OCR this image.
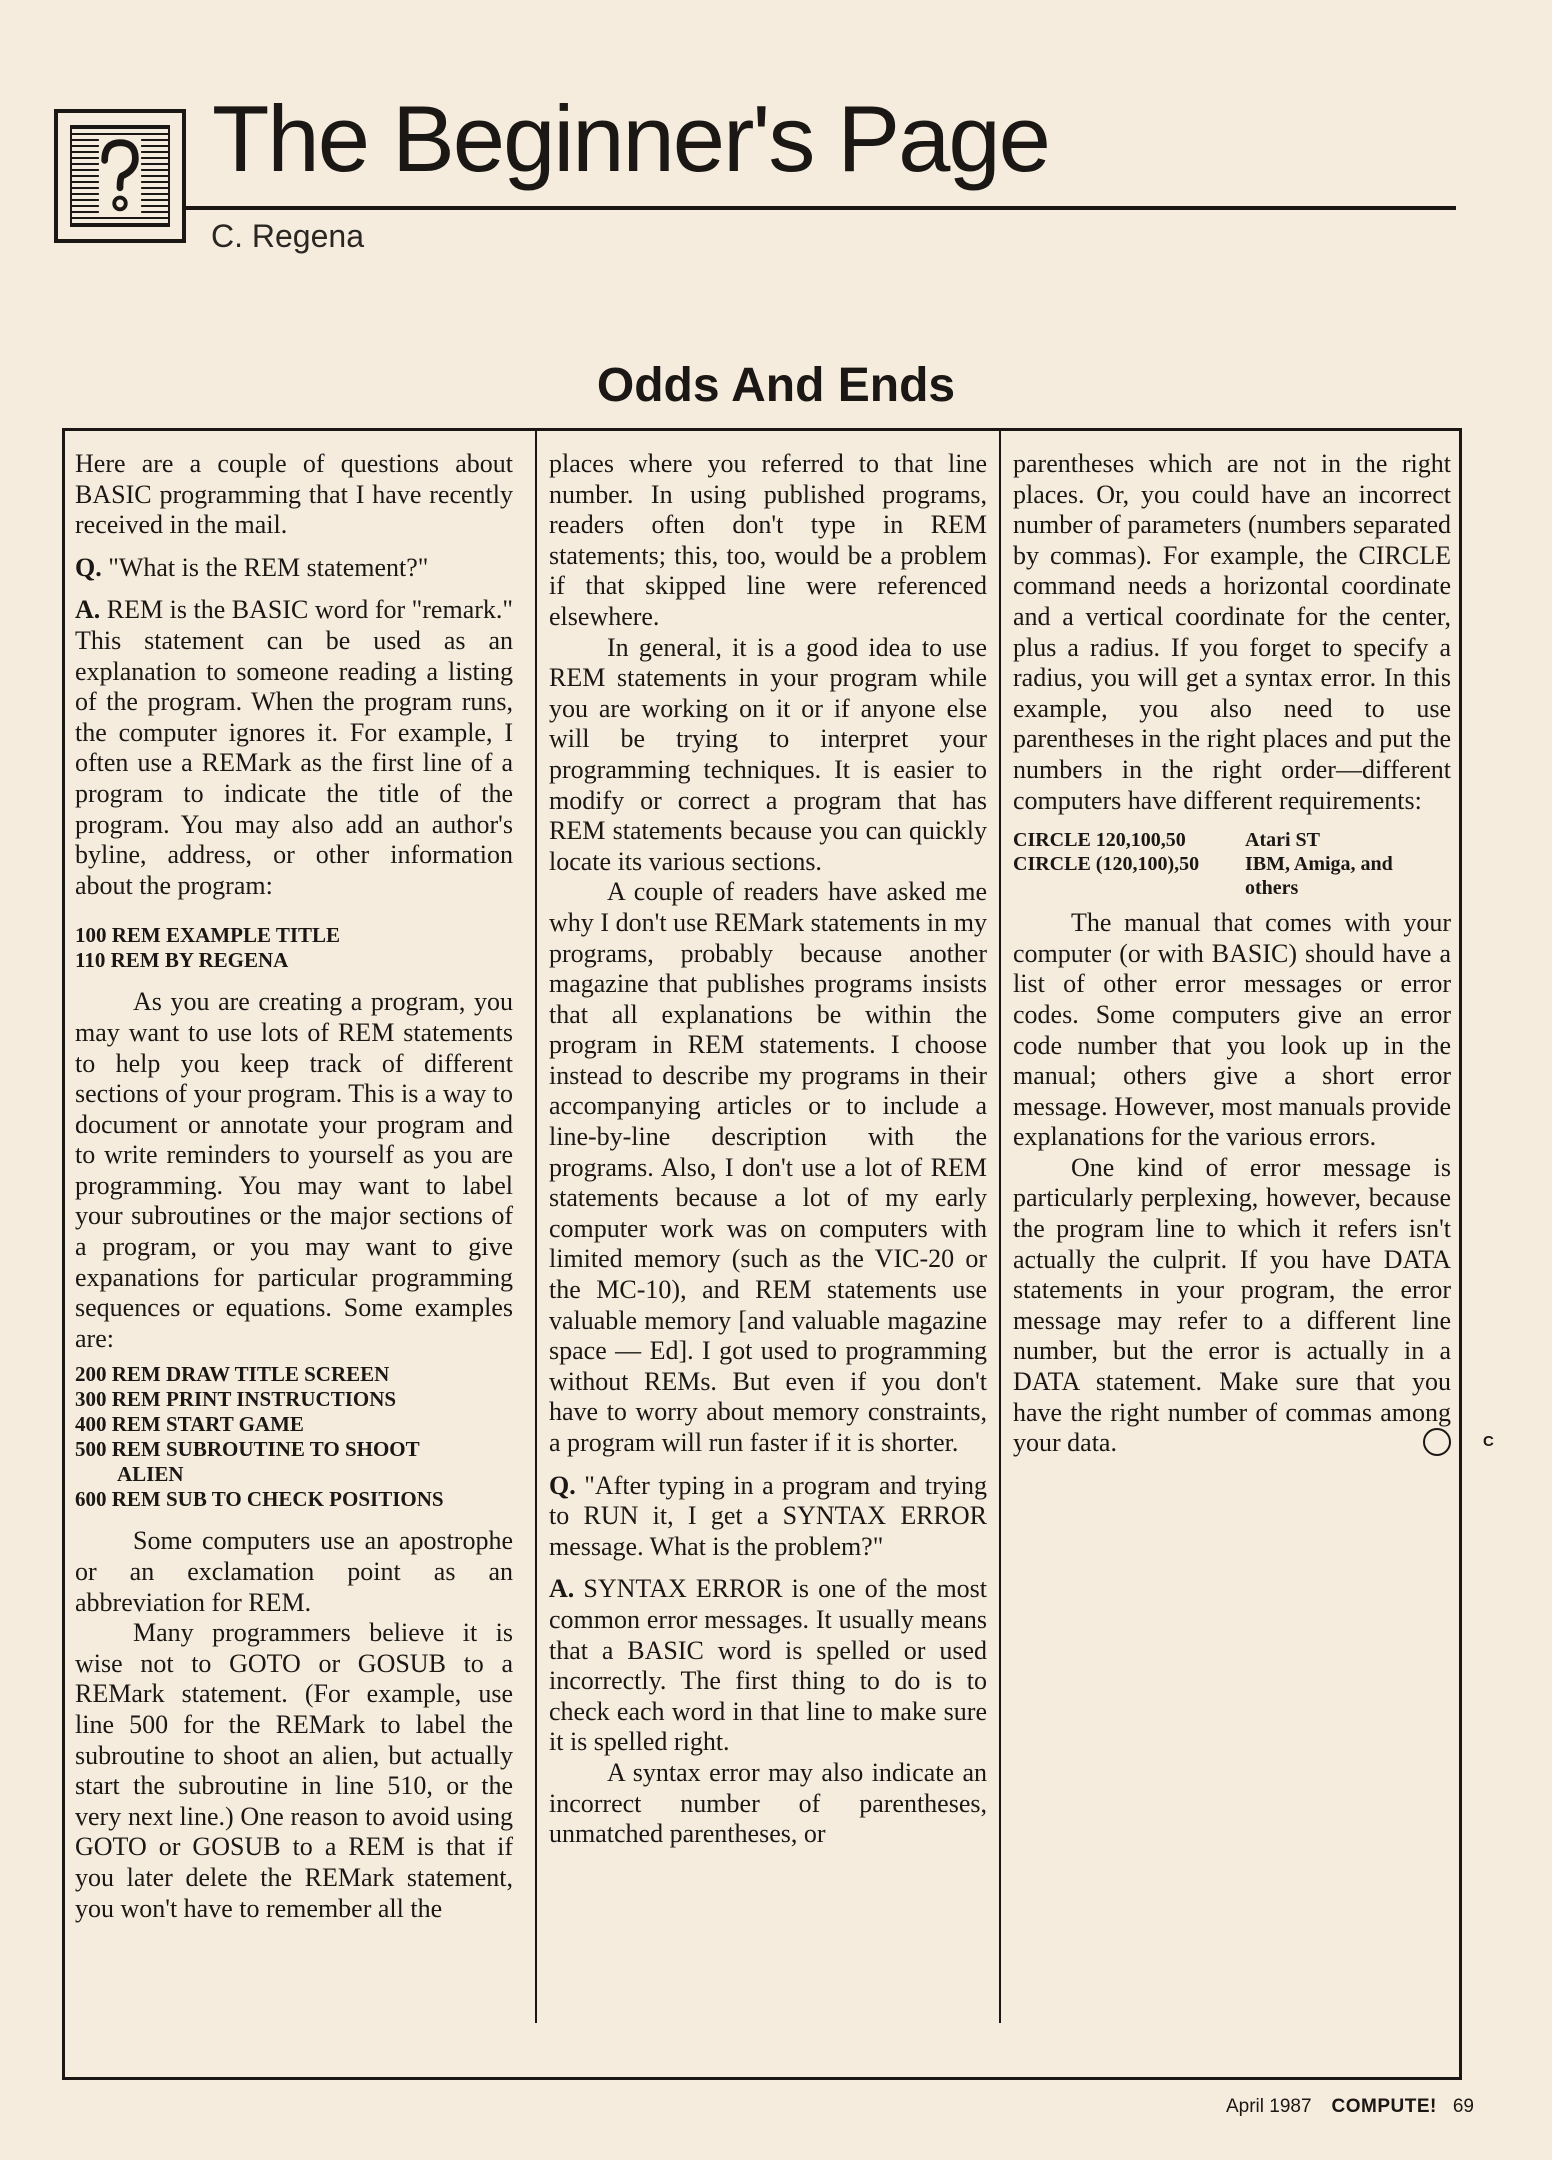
The Beginner's Page
C. Regena
Odds And Ends

Here are a couple of questions about BASIC programming that I have recently received in the mail.

Q. "What is the REM statement?"

A. REM is the BASIC word for "remark." This statement can be used as an explanation to someone reading a listing of the program. When the program runs, the computer ignores it. For example, I often use a REMark as the first line of a program to indicate the title of the program. You may also add an author's byline, address, or other information about the program:

100 REM EXAMPLE TITLE
110 REM BY REGENA

As you are creating a program, you may want to use lots of REM statements to help you keep track of different sections of your program. This is a way to document or annotate your program and to write reminders to yourself as you are programming. You may want to label your subroutines or the major sections of a program, or you may want to give expanations for particular programming sequences or equations. Some examples are:

200 REM DRAW TITLE SCREEN
300 REM PRINT INSTRUCTIONS
400 REM START GAME
500 REM SUBROUTINE TO SHOOT
ALIEN
600 REM SUB TO CHECK POSITIONS

Some computers use an apostrophe or an exclamation point as an abbreviation for REM.

Many programmers believe it is wise not to GOTO or GOSUB to a REMark statement. (For example, use line 500 for the REMark to label the subroutine to shoot an alien, but actually start the subroutine in line 510, or the very next line.) One reason to avoid using GOTO or GOSUB to a REM is that if you later delete the REMark statement, you won't have to remember all the

places where you referred to that line number. In using published programs, readers often don't type in REM statements; this, too, would be a problem if that skipped line were referenced elsewhere.

In general, it is a good idea to use REM statements in your program while you are working on it or if anyone else will be trying to interpret your programming techniques. It is easier to modify or correct a program that has REM statements because you can quickly locate its various sections.

A couple of readers have asked me why I don't use REMark statements in my programs, probably because another magazine that publishes programs insists that all explanations be within the program in REM statements. I choose instead to describe my programs in their accompanying articles or to include a line-by-line description with the programs. Also, I don't use a lot of REM statements because a lot of my early computer work was on computers with limited memory (such as the VIC-20 or the MC-10), and REM statements use valuable memory [and valuable magazine space — Ed]. I got used to programming without REMs. But even if you don't have to worry about memory constraints, a program will run faster if it is shorter.

Q. "After typing in a program and trying to RUN it, I get a SYNTAX ERROR message. What is the problem?"

A. SYNTAX ERROR is one of the most common error messages. It usually means that a BASIC word is spelled or used incorrectly. The first thing to do is to check each word in that line to make sure it is spelled right.

A syntax error may also indicate an incorrect number of parentheses, unmatched parentheses, or

parentheses which are not in the right places. Or, you could have an incorrect number of parameters (numbers separated by commas). For example, the CIRCLE command needs a horizontal coordinate and a vertical coordinate for the center, plus a radius. If you forget to specify a radius, you will get a syntax error. In this example, you also need to use parentheses in the right places and put the numbers in the right order—different computers have different requirements:

CIRCLE 120,100,50	Atari ST
CIRCLE (120,100),50	IBM, Amiga, and others

The manual that comes with your computer (or with BASIC) should have a list of other error messages or error codes. Some computers give an error code number that you look up in the manual; others give a short error message. However, most manuals provide explanations for the various errors.

One kind of error message is particularly perplexing, however, because the program line to which it refers isn't actually the culprit. If you have DATA statements in your program, the error message may refer to a different line number, but the error is actually in a DATA statement. Make sure that you have the right number of commas among your data.	C

April 1987 COMPUTE! 69
